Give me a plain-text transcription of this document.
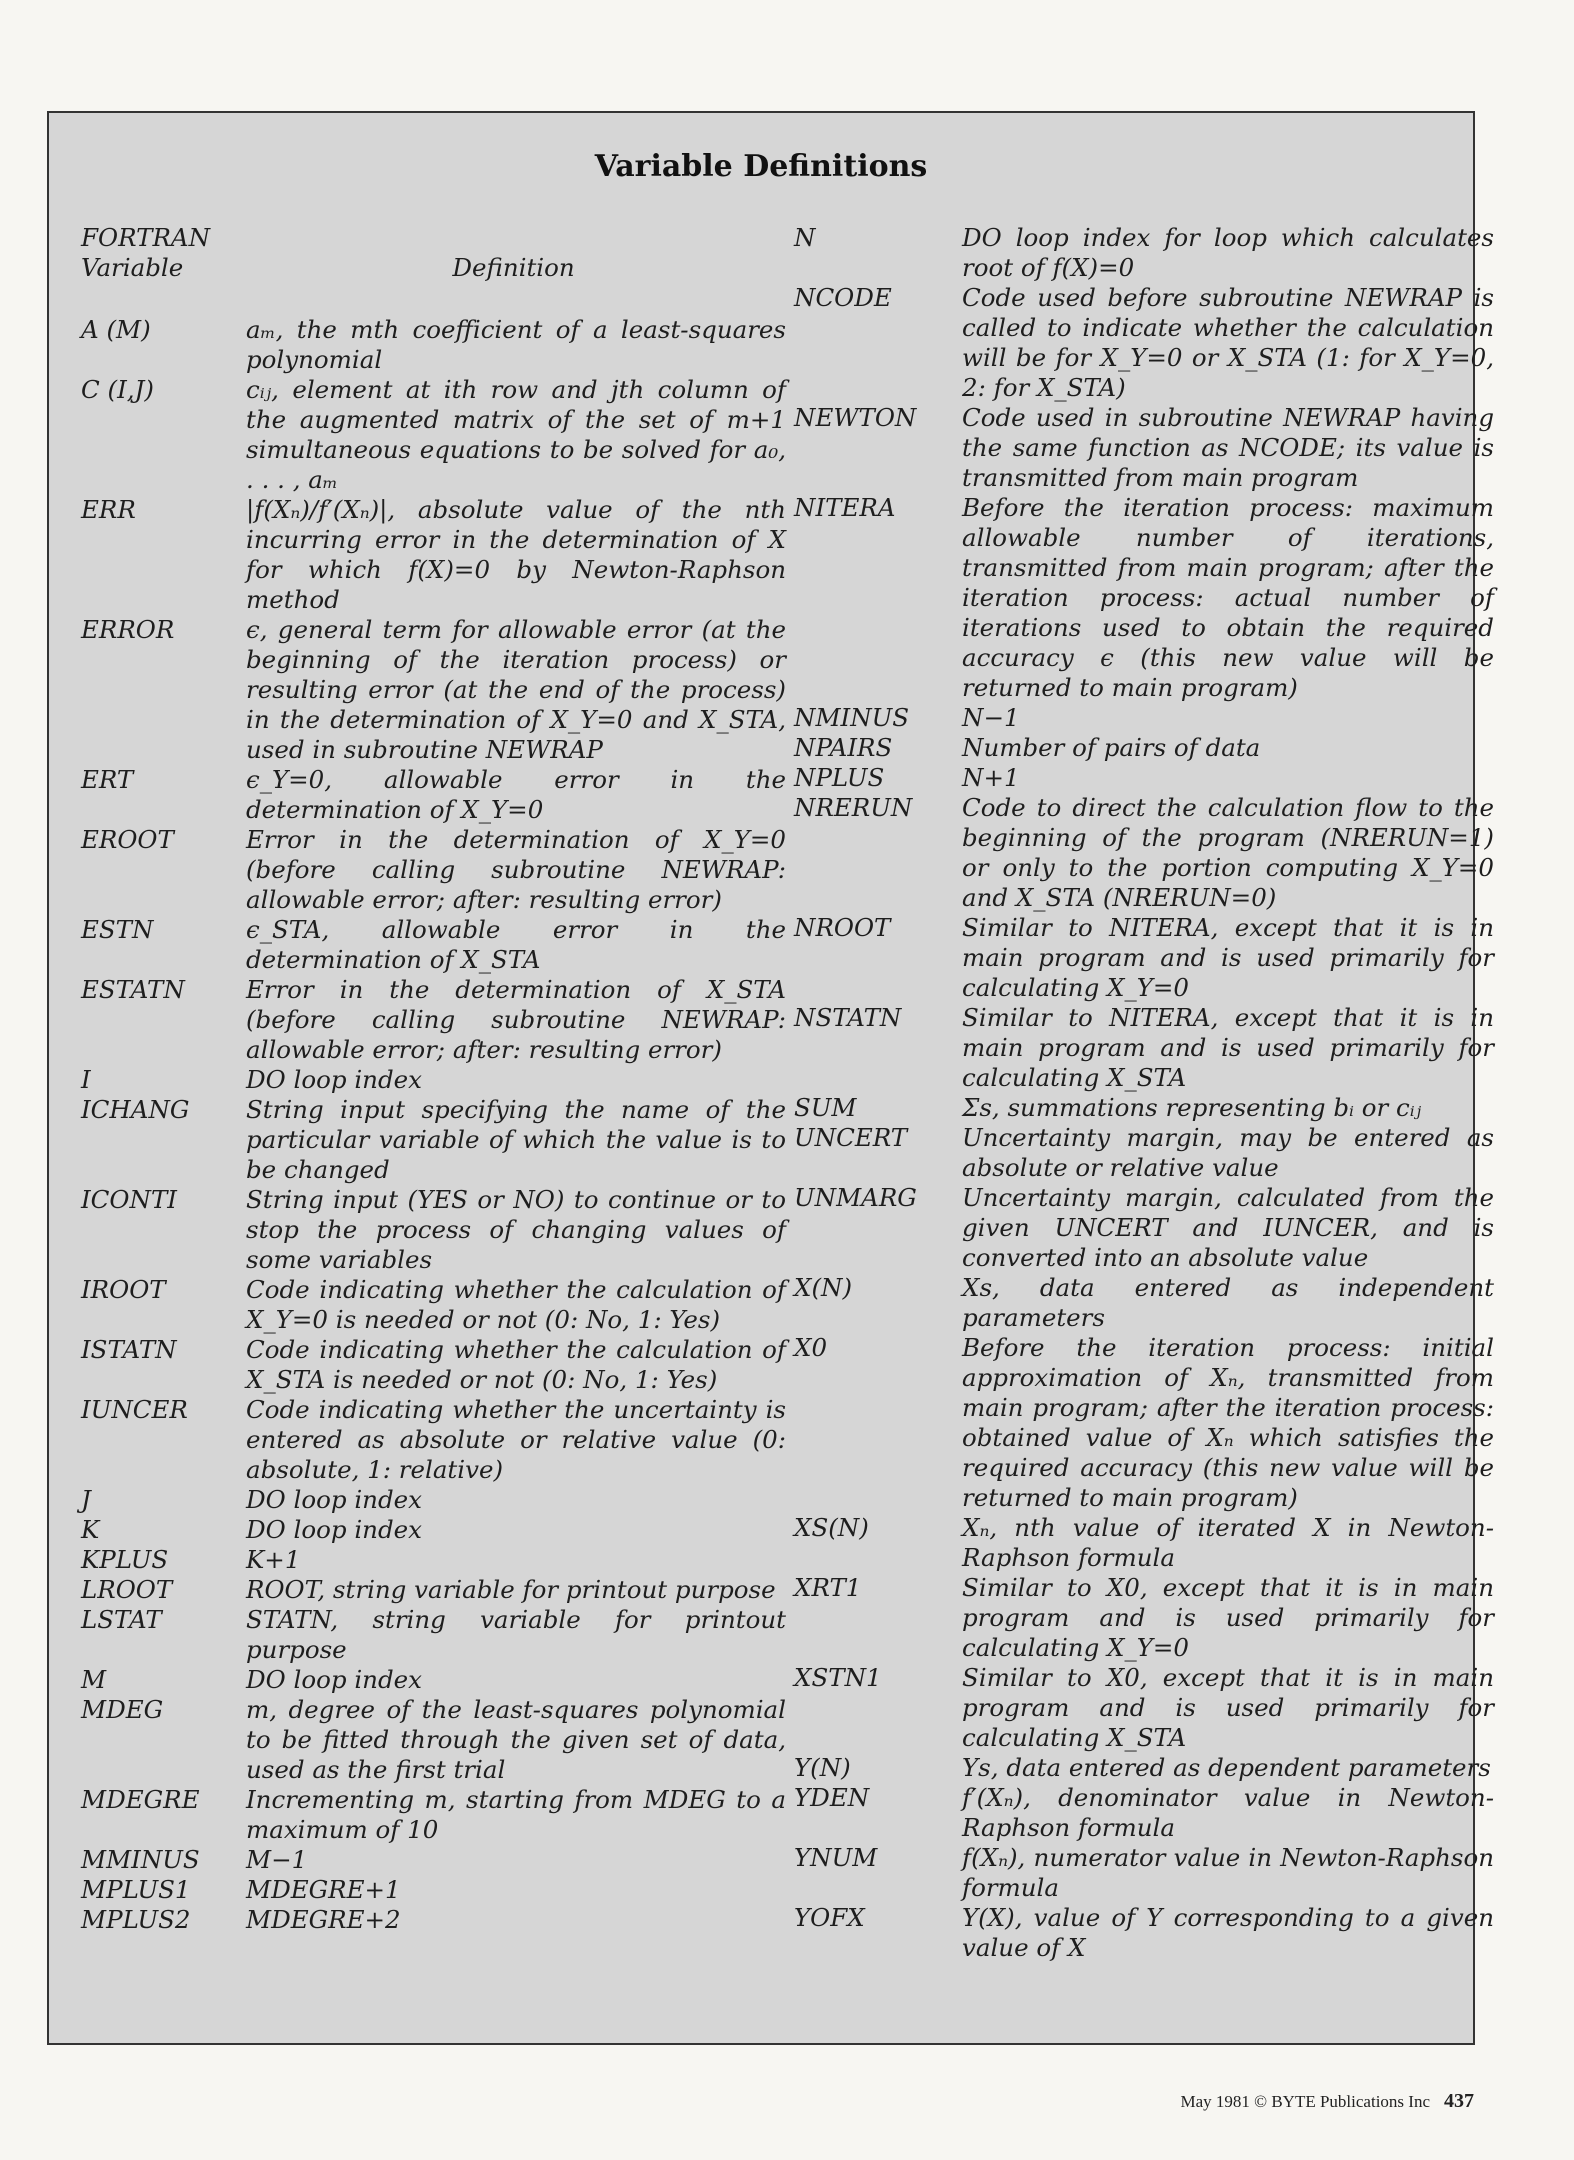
Variable Definitions
FORTRAN Variable	Definition
A (M)	aₘ, the mth coefficient of a least-squares polynomial
C (I,J)	cᵢⱼ, element at ith row and jth column of the augmented matrix of the set of m+1 simultaneous equations to be solved for a₀, . . . , aₘ
ERR	|f(Xₙ)/f′(Xₙ)|, absolute value of the nth incurring error in the determination of X for which f(X)=0 by Newton-Raphson method
ERROR	ϵ, general term for allowable error (at the beginning of the iteration process) or resulting error (at the end of the process) in the determination of X_Y=0 and X_STA, used in subroutine NEWRAP
ERT	ϵ_Y=0, allowable error in the determination of X_Y=0
EROOT	Error in the determination of X_Y=0 (before calling subroutine NEWRAP: allowable error; after: resulting error)
ESTN	ϵ_STA, allowable error in the determination of X_STA
ESTATN	Error in the determination of X_STA (before calling subroutine NEWRAP: allowable error; after: resulting error)
I	DO loop index
ICHANG	String input specifying the name of the particular variable of which the value is to be changed
ICONTI	String input (YES or NO) to continue or to stop the process of changing values of some variables
IROOT	Code indicating whether the calculation of X_Y=0 is needed or not (0: No, 1: Yes)
ISTATN	Code indicating whether the calculation of X_STA is needed or not (0: No, 1: Yes)
IUNCER	Code indicating whether the uncertainty is entered as absolute or relative value (0: absolute, 1: relative)
J	DO loop index
K	DO loop index
KPLUS	K+1
LROOT	ROOT, string variable for printout purpose
LSTAT	STATN, string variable for printout purpose
M	DO loop index
MDEG	m, degree of the least-squares polynomial to be fitted through the given set of data, used as the first trial
MDEGRE	Incrementing m, starting from MDEG to a maximum of 10
MMINUS	M−1
MPLUS1	MDEGRE+1
MPLUS2	MDEGRE+2
N	DO loop index for loop which calculates root of f(X)=0
NCODE	Code used before subroutine NEWRAP is called to indicate whether the calculation will be for X_Y=0 or X_STA (1: for X_Y=0, 2: for X_STA)
NEWTON	Code used in subroutine NEWRAP having the same function as NCODE; its value is transmitted from main program
NITERA	Before the iteration process: maximum allowable number of iterations, transmitted from main program; after the iteration process: actual number of iterations used to obtain the required accuracy ϵ (this new value will be returned to main program)
NMINUS	N−1
NPAIRS	Number of pairs of data
NPLUS	N+1
NRERUN	Code to direct the calculation flow to the beginning of the program (NRERUN=1) or only to the portion computing X_Y=0 and X_STA (NRERUN=0)
NROOT	Similar to NITERA, except that it is in main program and is used primarily for calculating X_Y=0
NSTATN	Similar to NITERA, except that it is in main program and is used primarily for calculating X_STA
SUM	Σs, summations representing bᵢ or cᵢⱼ
UNCERT	Uncertainty margin, may be entered as absolute or relative value
UNMARG	Uncertainty margin, calculated from the given UNCERT and IUNCER, and is converted into an absolute value
X(N)	Xs, data entered as independent parameters
X0	Before the iteration process: initial approximation of Xₙ, transmitted from main program; after the iteration process: obtained value of Xₙ which satisfies the required accuracy (this new value will be returned to main program)
XS(N)	Xₙ, nth value of iterated X in Newton-Raphson formula
XRT1	Similar to X0, except that it is in main program and is used primarily for calculating X_Y=0
XSTN1	Similar to X0, except that it is in main program and is used primarily for calculating X_STA
Y(N)	Ys, data entered as dependent parameters
YDEN	f′(Xₙ), denominator value in Newton-Raphson formula
YNUM	f(Xₙ), numerator value in Newton-Raphson formula
YOFX	Y(X), value of Y corresponding to a given value of X
May 1981 © BYTE Publications Inc 437
